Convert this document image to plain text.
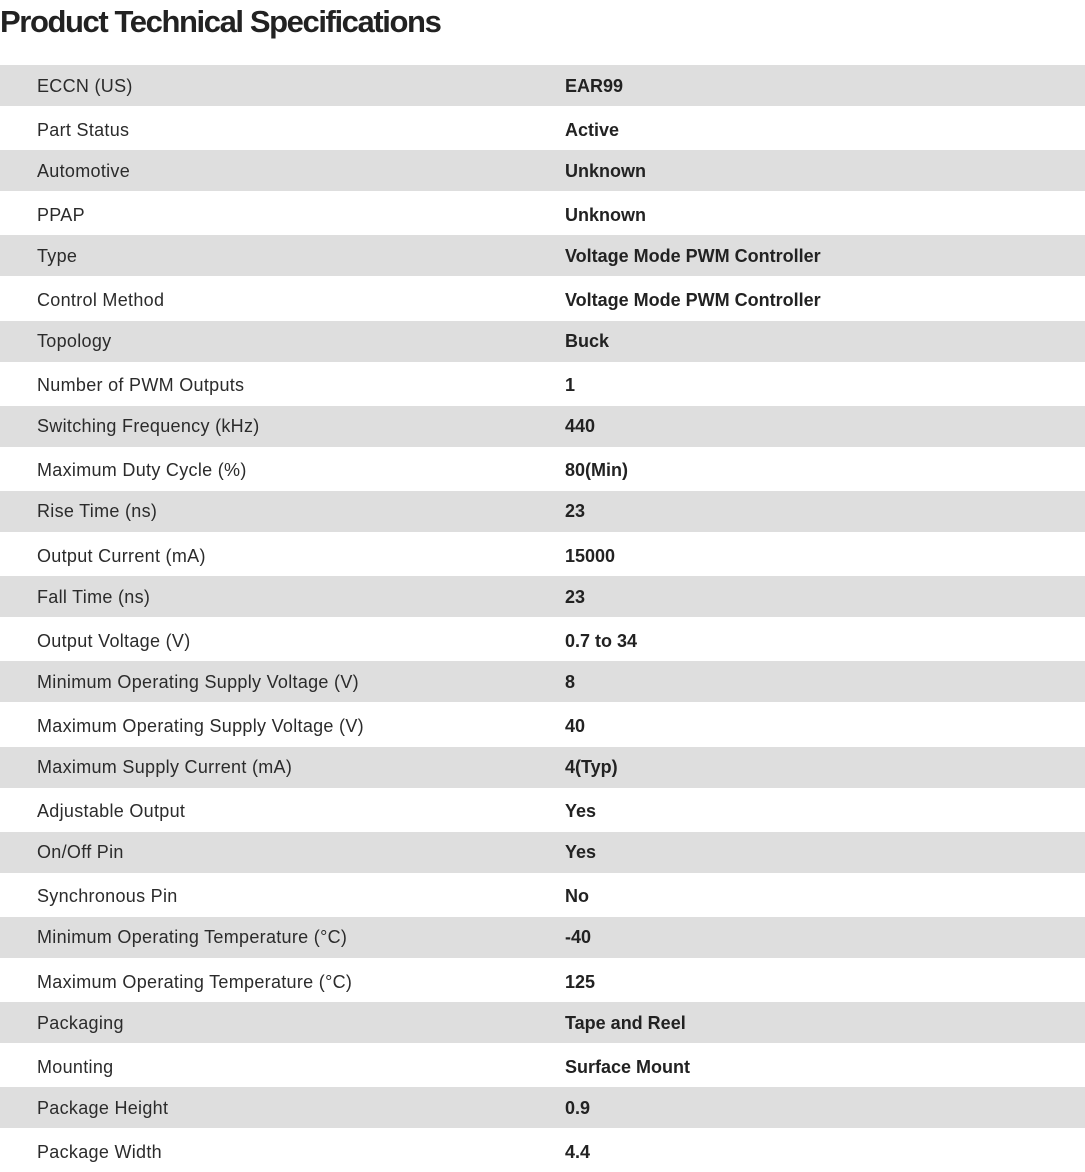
Product Technical Specifications
ECCN (US)	EAR99
Part Status	Active
Automotive	Unknown
PPAP	Unknown
Type	Voltage Mode PWM Controller
Control Method	Voltage Mode PWM Controller
Topology	Buck
Number of PWM Outputs	1
Switching Frequency (kHz)	440
Maximum Duty Cycle (%)	80(Min)
Rise Time (ns)	23
Output Current (mA)	15000
Fall Time (ns)	23
Output Voltage (V)	0.7 to 34
Minimum Operating Supply Voltage (V)	8
Maximum Operating Supply Voltage (V)	40
Maximum Supply Current (mA)	4(Typ)
Adjustable Output	Yes
On/Off Pin	Yes
Synchronous Pin	No
Minimum Operating Temperature (°C)	-40
Maximum Operating Temperature (°C)	125
Packaging	Tape and Reel
Mounting	Surface Mount
Package Height	0.9
Package Width	4.4
